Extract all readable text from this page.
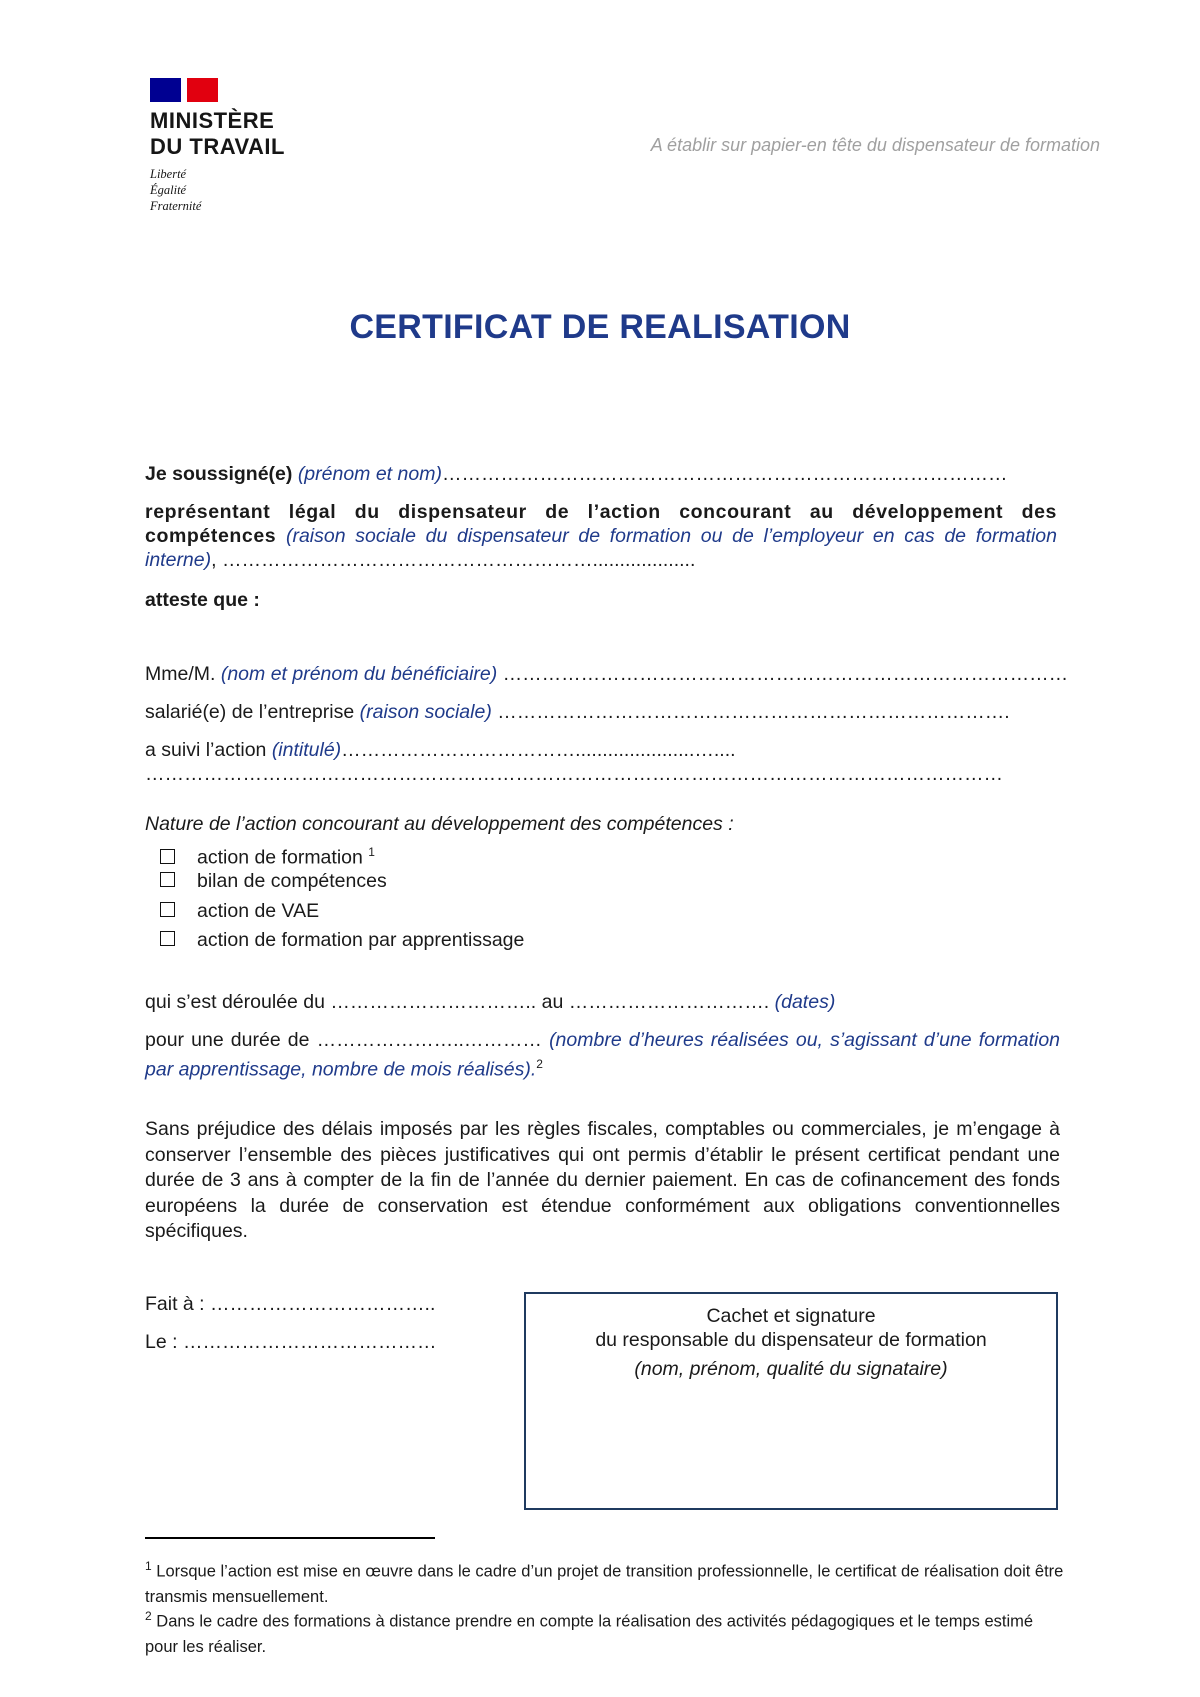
MINISTÈRE
DU TRAVAIL
Liberté
Égalité
Fraternité
A établir sur papier-en tête du dispensateur de formation
CERTIFICAT DE REALISATION
Je soussigné(e) (prénom et nom)……………………………………………………………………………
représentant légal du dispensateur de l’action concourant au développement des compétences (raison sociale du dispensateur de formation ou de l’employeur en cas de formation interne), …………………………………………………...................
atteste que :
Mme/M. (nom et prénom du bénéficiaire) ……………………………………………………………………………
salarié(e) de l’entreprise (raison sociale) …………………………………………………………………….
a suivi l’action (intitulé)………………………………......................…....
……………………………………………………………………………………………………………………
Nature de l’action concourant au développement des compétences :
action de formation $^1$
bilan de compétences
action de VAE
action de formation par apprentissage
qui s’est déroulée du ………………………….. au …………………………. (dates)
pour une durée de …………………..………… (nombre d’heures réalisées ou, s’agissant d’une formation par apprentissage, nombre de mois réalisés).$^2$
Sans préjudice des délais imposés par les règles fiscales, comptables ou commerciales, je m’engage à conserver l’ensemble des pièces justificatives qui ont permis d’établir le présent certificat pendant une durée de 3 ans à compter de la fin de l’année du dernier paiement. En cas de cofinancement des fonds européens la durée de conservation est étendue conformément aux obligations conventionnelles spécifiques.
Fait à : ……………………………..
Le : …………………………………
Cachet et signature
du responsable du dispensateur de formation
(nom, prénom, qualité du signataire)
$^1$ Lorsque l’action est mise en œuvre dans le cadre d’un projet de transition professionnelle, le certificat de réalisation doit être transmis mensuellement.
$^2$ Dans le cadre des formations à distance prendre en compte la réalisation des activités pédagogiques et le temps estimé pour les réaliser.
